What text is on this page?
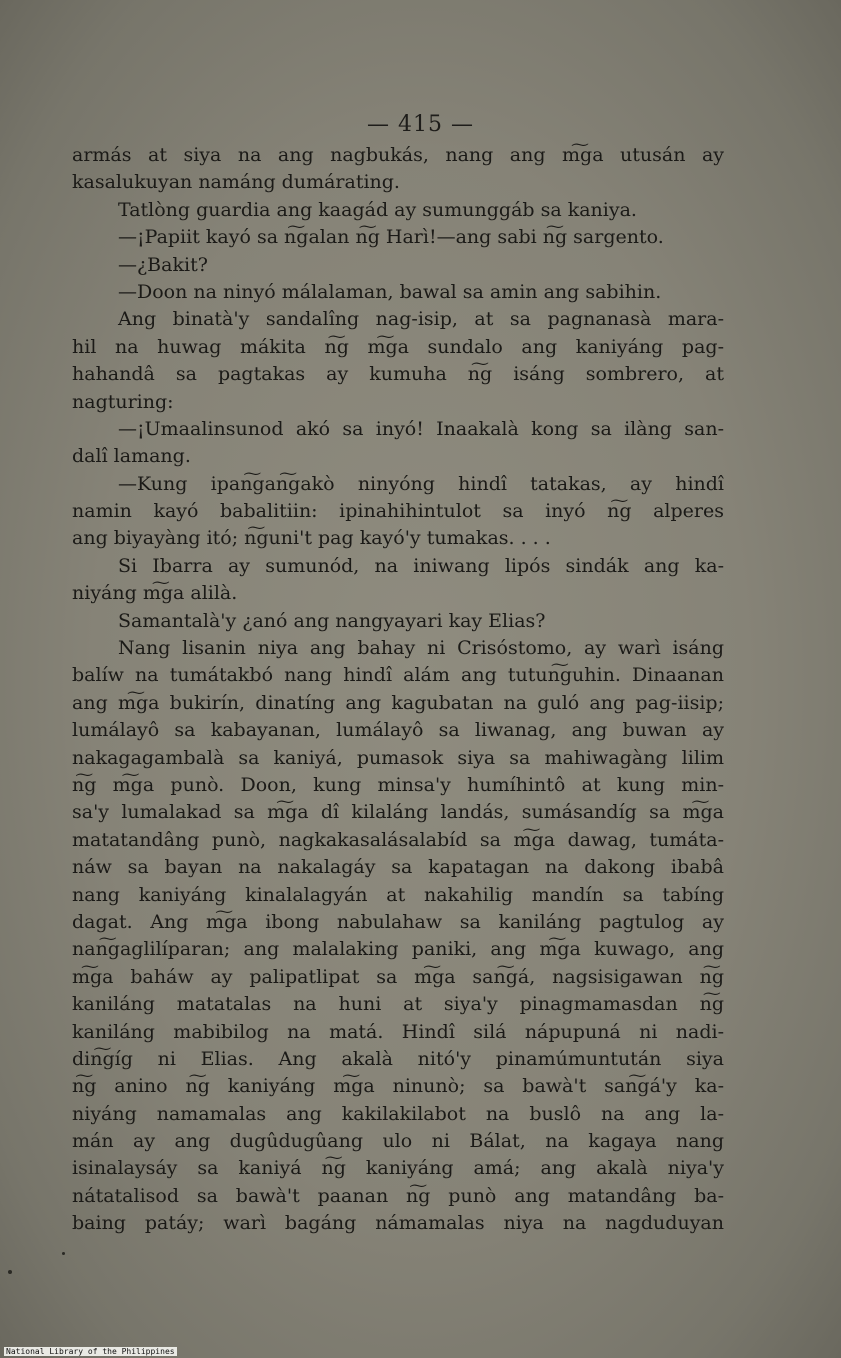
— 415 —
armás at siya na ang nagbukás, nang ang m͠ga utusán ay
kasalukuyan namáng dumárating.
Tatlòng guardia ang kaagád ay sumunggáb sa kaniya.
—¡Papiit kayó sa n͠galan n͠g Harì!—ang sabi n͠g sargento.
—¿Bakit?
—Doon na ninyó málalaman, bawal sa amin ang sabihin.
Ang binatà'y sandalîng nag-isip, at sa pagnanasà mara-
hil na huwag mákita n͠g m͠ga sundalo ang kaniyáng pag-
hahandâ sa pagtakas ay kumuha n͠g isáng sombrero, at
nagturing:
—¡Umaalinsunod akó sa inyó! Inaakalà kong sa ilàng san-
dalî lamang.
—Kung ipan͠gan͠gakò ninyóng hindî tatakas, ay hindî
namin kayó babalitiin: ipinahihintulot sa inyó n͠g alperes
ang biyayàng itó; n͠guni't pag kayó'y tumakas. . . .
Si Ibarra ay sumunód, na iniwang lipós sindák ang ka-
niyáng m͠ga alilà.
Samantalà'y ¿anó ang nangyayari kay Elias?
Nang lisanin niya ang bahay ni Crisóstomo, ay warì isáng
balíw na tumátakbó nang hindî alám ang tutun͠guhin. Dinaanan
ang m͠ga bukirín, dinatíng ang kagubatan na guló ang pag-iisip;
lumálayô sa kabayanan, lumálayô sa liwanag, ang buwan ay
nakagagambalà sa kaniyá, pumasok siya sa mahiwagàng lilim
n͠g m͠ga punò. Doon, kung minsa'y humíhintô at kung min-
sa'y lumalakad sa m͠ga dî kilaláng landás, sumásandíg sa m͠ga
matatandâng punò, nagkakasalásalabíd sa m͠ga dawag, tumáta-
náw sa bayan na nakalagáy sa kapatagan na dakong ibabâ
nang kaniyáng kinalalagyán at nakahilig mandín sa tabíng
dagat. Ang m͠ga ibong nabulahaw sa kaniláng pagtulog ay
nan͠gaglilíparan; ang malalaking paniki, ang m͠ga kuwago, ang
m͠ga baháw ay palipatlipat sa m͠ga san͠gá, nagsisigawan n͠g
kaniláng matatalas na huni at siya'y pinagmamasdan n͠g
kaniláng mabibilog na matá. Hindî silá nápupuná ni nadi-
din͠gíg ni Elias. Ang akalà nitó'y pinamúmuntután siya
n͠g anino n͠g kaniyáng m͠ga ninunò; sa bawà't san͠gá'y ka-
niyáng namamalas ang kakilakilabot na buslô na ang la-
mán ay ang dugûdugûang ulo ni Bálat, na kagaya nang
isinalaysáy sa kaniyá n͠g kaniyáng amá; ang akalà niya'y
nátatalisod sa bawà't paanan n͠g punò ang matandâng ba-
baing patáy; warì bagáng námamalas niya na nagduduyan
National Library of the Philippines
